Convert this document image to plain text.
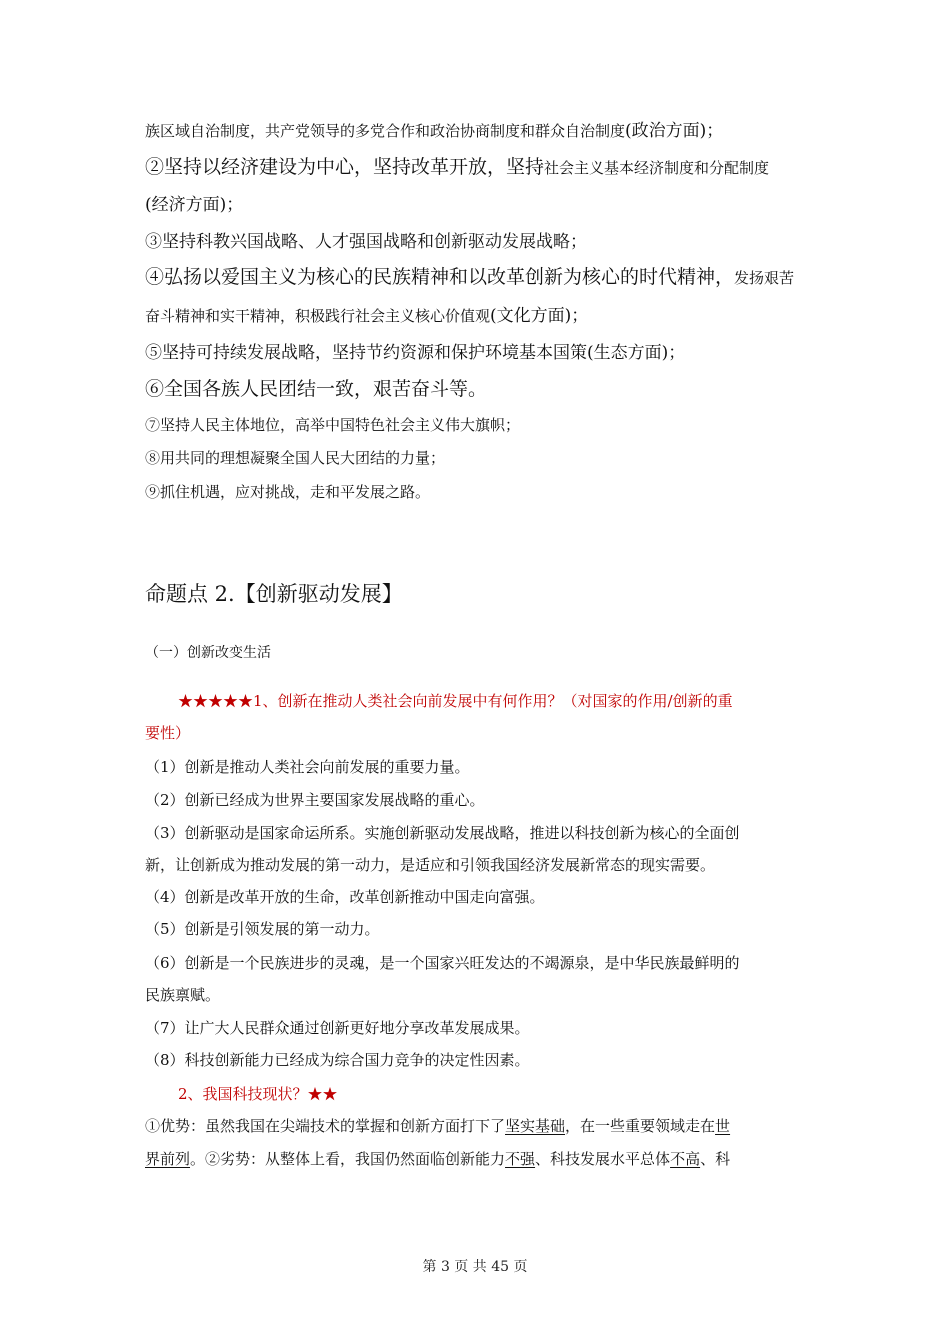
族区域自治制度，共产党领导的多党合作和政治协商制度和群众自治制度(政治方面)；
②坚持以经济建设为中心，坚持改革开放，坚持社会主义基本经济制度和分配制度
(经济方面)；
③坚持科教兴国战略、人才强国战略和创新驱动发展战略；
④弘扬以爱国主义为核心的民族精神和以改革创新为核心的时代精神，发扬艰苦
奋斗精神和实干精神，积极践行社会主义核心价值观(文化方面)；
⑤坚持可持续发展战略，坚持节约资源和保护环境基本国策(生态方面)；
⑥全国各族人民团结一致，艰苦奋斗等。
⑦坚持人民主体地位，高举中国特色社会主义伟大旗帜；
⑧用共同的理想凝聚全国人民大团结的力量；
⑨抓住机遇，应对挑战，走和平发展之路。
命题点 2.【创新驱动发展】
（一）创新改变生活
★★★★★1、创新在推动人类社会向前发展中有何作用？（对国家的作用/创新的重
要性）
（1）创新是推动人类社会向前发展的重要力量。
（2）创新已经成为世界主要国家发展战略的重心。
（3）创新驱动是国家命运所系。实施创新驱动发展战略，推进以科技创新为核心的全面创
新，让创新成为推动发展的第一动力，是适应和引领我国经济发展新常态的现实需要。
（4）创新是改革开放的生命，改革创新推动中国走向富强。
（5）创新是引领发展的第一动力。
（6）创新是一个民族进步的灵魂，是一个国家兴旺发达的不竭源泉，是中华民族最鲜明的
民族禀赋。
（7）让广大人民群众通过创新更好地分享改革发展成果。
（8）科技创新能力已经成为综合国力竞争的决定性因素。
2、我国科技现状？★★
①优势：虽然我国在尖端技术的掌握和创新方面打下了坚实基础，在一些重要领域走在世
界前列。②劣势：从整体上看，我国仍然面临创新能力不强、科技发展水平总体不高、科
第 3 页 共 45 页
